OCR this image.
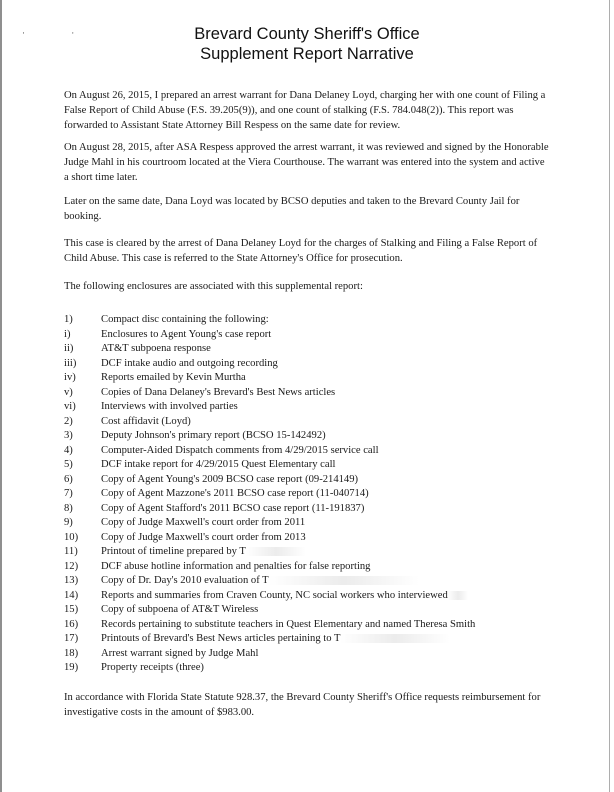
· ·	Brevard County Sheriff's Office
Supplement Report Narrative

On August 26, 2015, I prepared an arrest warrant for Dana Delaney Loyd, charging her with one count of Filing a False Report of Child Abuse (F.S. 39.205(9)), and one count of stalking (F.S. 784.048(2)). This report was forwarded to Assistant State Attorney Bill Respess on the same date for review.

On August 28, 2015, after ASA Respess approved the arrest warrant, it was reviewed and signed by the Honorable Judge Mahl in his courtroom located at the Viera Courthouse. The warrant was entered into the system and active a short time later.

Later on the same date, Dana Loyd was located by BCSO deputies and taken to the Brevard County Jail for booking.

This case is cleared by the arrest of Dana Delaney Loyd for the charges of Stalking and Filing a False Report of Child Abuse. This case is referred to the State Attorney's Office for prosecution.

The following enclosures are associated with this supplemental report:

1)	Compact disc containing the following:
i)	Enclosures to Agent Young's case report
ii)	AT&T subpoena response
iii) DCF intake audio and outgoing recording
iv) Reports emailed by Kevin Murtha
v)	Copies of Dana Delaney's Brevard's Best News articles
vi) Interviews with involved parties
2)	Cost affidavit (Loyd)
3)	Deputy Johnson's primary report (BCSO 15-142492)
4)	Computer-Aided Dispatch comments from 4/29/2015 service call
5)	DCF intake report for 4/29/2015 Quest Elementary call
6)	Copy of Agent Young's 2009 BCSO case report (09-214149)
7)	Copy of Agent Mazzone's 2011 BCSO case report (11-040714)
8)	Copy of Agent Stafford's 2011 BCSO case report (11-191837)
9)	Copy of Judge Maxwell's court order from 2011
10) Copy of Judge Maxwell's court order from 2013
11) Printout of timeline prepared by T
12) DCF abuse hotline information and penalties for false reporting
13) Copy of Dr. Day's 2010 evaluation of T
14) Reports and summaries from Craven County, NC social workers who interviewed
15) Copy of subpoena of AT&T Wireless
16) Records pertaining to substitute teachers in Quest Elementary and named Theresa Smith
17) Printouts of Brevard's Best News articles pertaining to T
18) Arrest warrant signed by Judge Mahl
19) Property receipts (three)

In accordance with Florida State Statute 928.37, the Brevard County Sheriff's Office requests reimbursement for investigative costs in the amount of $983.00.
